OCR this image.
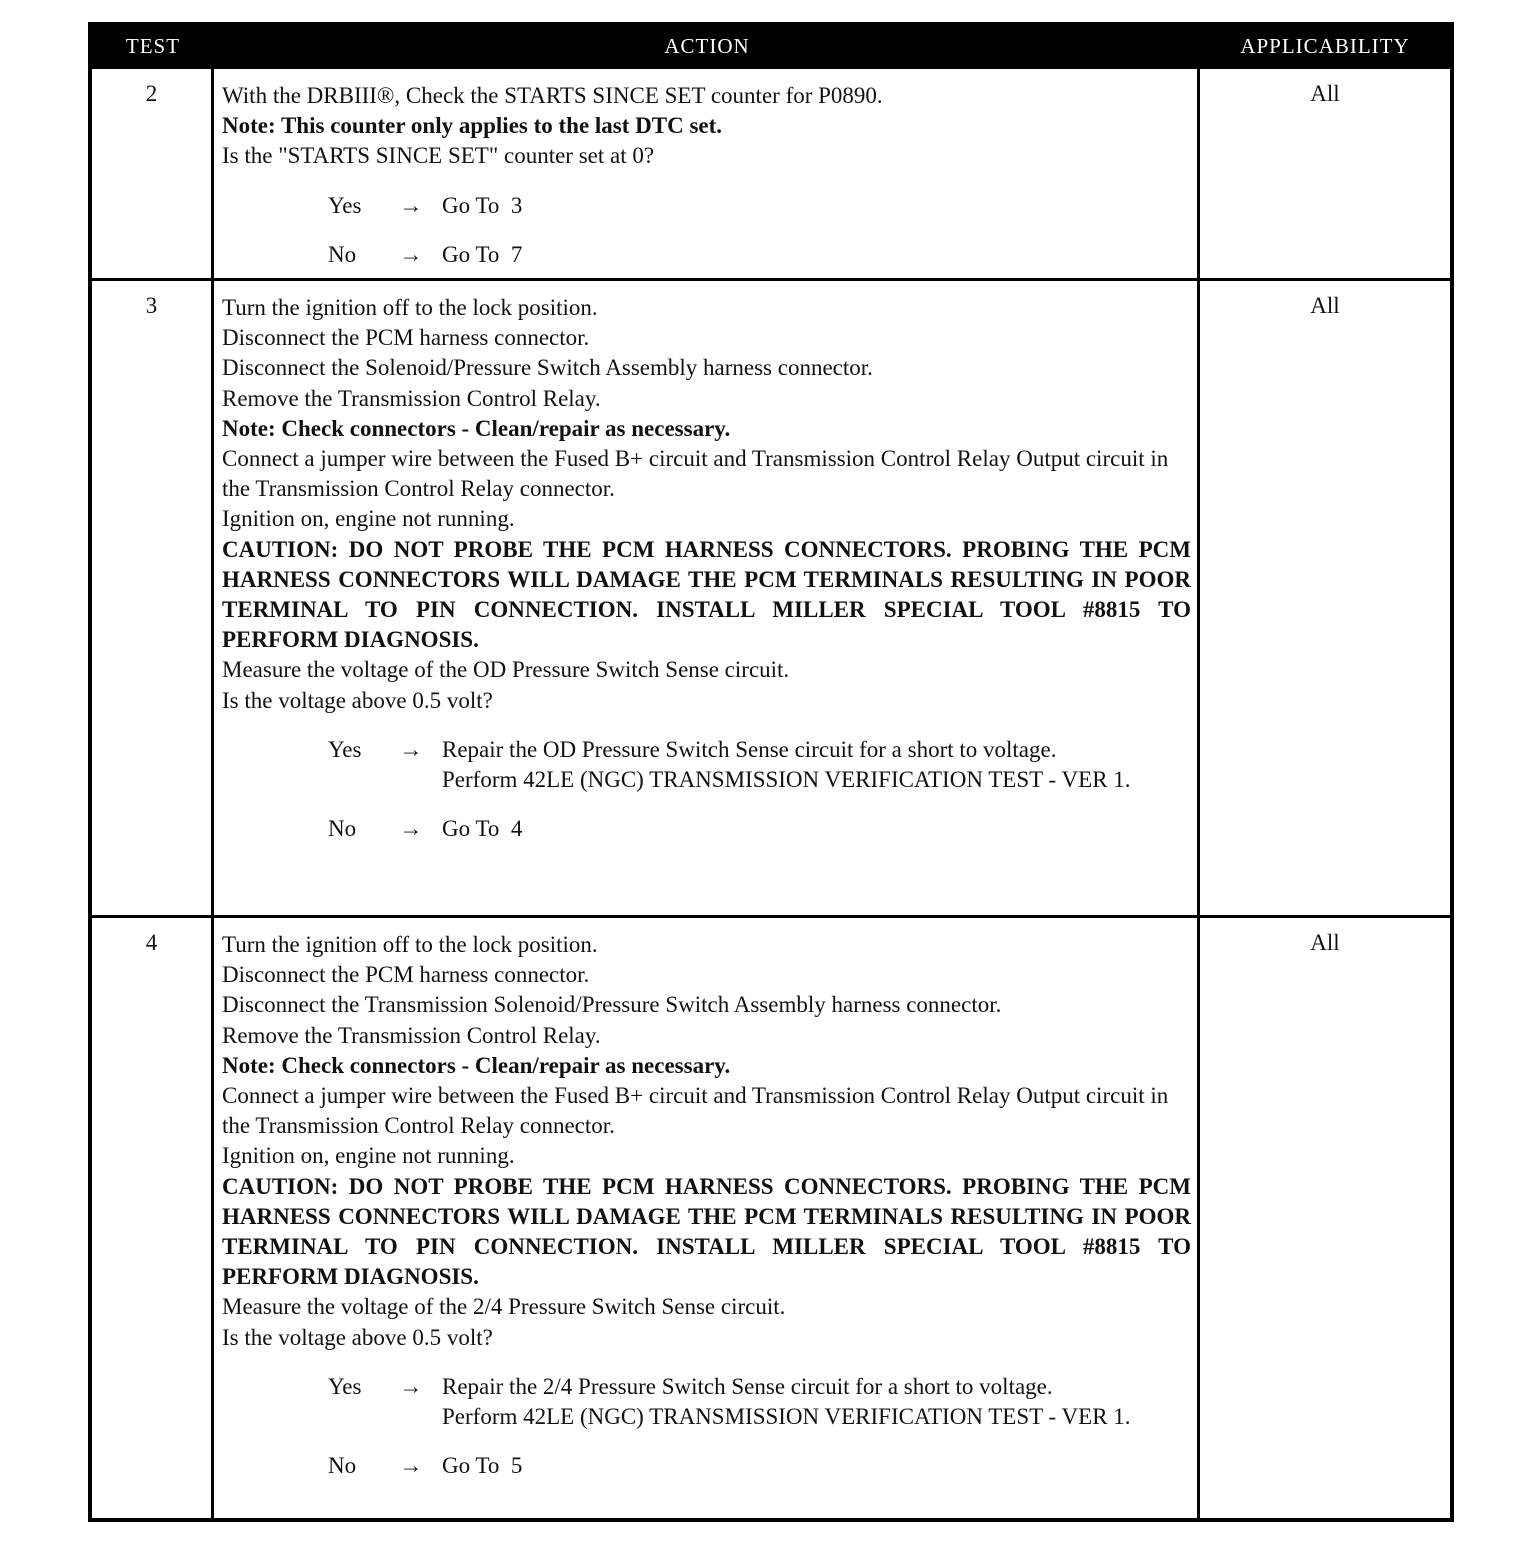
TEST	ACTION	APPLICABILITY
2	With the DRBIII®, Check the STARTS SINCE SET counter for P0890.
Note: This counter only applies to the last DTC set.
Is the "STARTS SINCE SET" counter set at 0?
Yes	→ Go To  3
No	→ Go To  7
All
3	Turn the ignition off to the lock position.
Disconnect the PCM harness connector.
Disconnect the Solenoid/Pressure Switch Assembly harness connector.
Remove the Transmission Control Relay.
Note: Check connectors - Clean/repair as necessary.
Connect a jumper wire between the Fused B+ circuit and Transmission Control Relay Output circuit in the Transmission Control Relay connector.
Ignition on, engine not running.
CAUTION: DO NOT PROBE THE PCM HARNESS CONNECTORS. PROBING THE PCM HARNESS CONNECTORS WILL DAMAGE THE PCM TERMINALS RESULTING IN POOR TERMINAL TO PIN CONNECTION. INSTALL MILLER SPECIAL TOOL #8815 TO PERFORM DIAGNOSIS.
Measure the voltage of the OD Pressure Switch Sense circuit.
Is the voltage above 0.5 volt?
Yes	→ Repair the OD Pressure Switch Sense circuit for a short to voltage.
Perform 42LE (NGC) TRANSMISSION VERIFICATION TEST - VER 1.
No	→ Go To  4
All
4	Turn the ignition off to the lock position.
Disconnect the PCM harness connector.
Disconnect the Transmission Solenoid/Pressure Switch Assembly harness connector.
Remove the Transmission Control Relay.
Note: Check connectors - Clean/repair as necessary.
Connect a jumper wire between the Fused B+ circuit and Transmission Control Relay Output circuit in the Transmission Control Relay connector.
Ignition on, engine not running.
CAUTION: DO NOT PROBE THE PCM HARNESS CONNECTORS. PROBING THE PCM HARNESS CONNECTORS WILL DAMAGE THE PCM TERMINALS RESULTING IN POOR TERMINAL TO PIN CONNECTION. INSTALL MILLER SPECIAL TOOL #8815 TO PERFORM DIAGNOSIS.
Measure the voltage of the 2/4 Pressure Switch Sense circuit.
Is the voltage above 0.5 volt?
Yes	→ Repair the 2/4 Pressure Switch Sense circuit for a short to voltage.
Perform 42LE (NGC) TRANSMISSION VERIFICATION TEST - VER 1.
No	→ Go To  5
All
